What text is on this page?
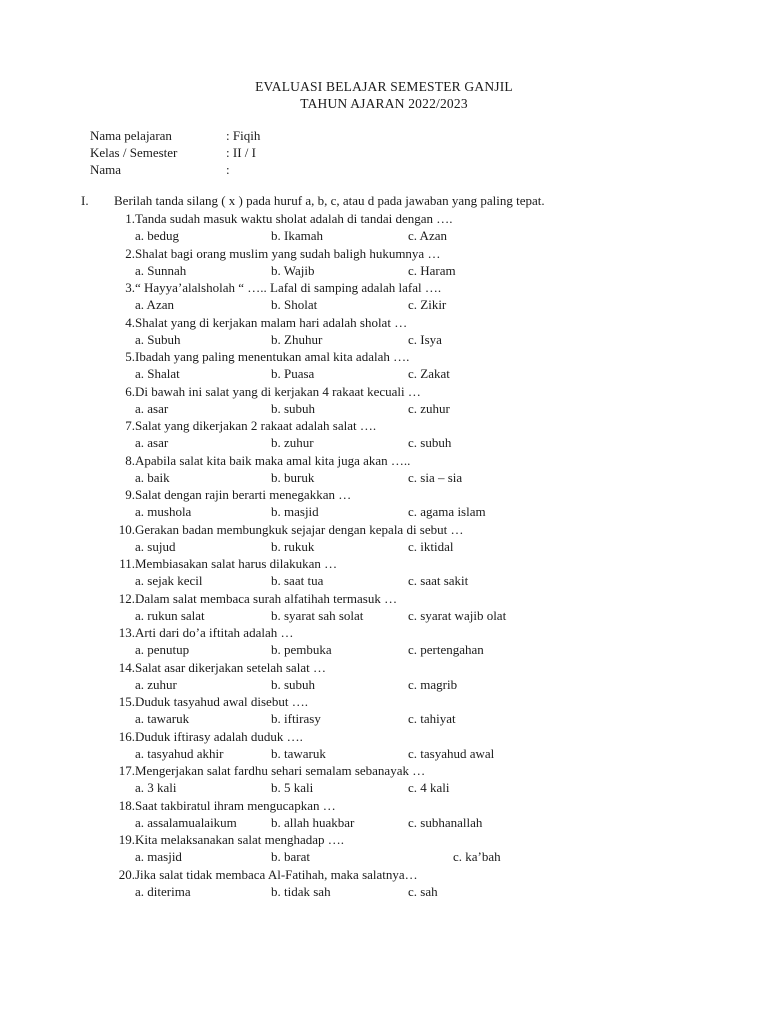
EVALUASI BELAJAR SEMESTER GANJIL
TAHUN AJARAN 2022/2023
Nama pelajaran	: Fiqih
Kelas / Semester	: II / I
Nama	:
I. Berilah tanda silang ( x ) pada huruf a, b, c, atau d pada jawaban yang paling tepat.
1. Tanda sudah masuk waktu sholat adalah di tandai dengan ….
a. bedug	b. Ikamah	c. Azan
2. Shalat bagi orang muslim yang sudah baligh hukumnya …
a. Sunnah	b. Wajib	c. Haram
3. “ Hayya’alalsholah “ ….. Lafal di samping adalah lafal ….
a. Azan	b. Sholat	c. Zikir
4. Shalat yang di kerjakan malam hari adalah sholat …
a. Subuh	b. Zhuhur	c. Isya
5. Ibadah yang paling menentukan amal kita adalah ….
a. Shalat	b. Puasa	c. Zakat
6. Di bawah ini salat yang di kerjakan 4 rakaat kecuali …
a. asar	b. subuh	c. zuhur
7. Salat yang dikerjakan 2 rakaat adalah salat ….
a. asar	b. zuhur	c. subuh
8. Apabila salat kita baik maka amal kita juga akan …..
a. baik	b. buruk	c. sia – sia
9. Salat dengan rajin berarti menegakkan …
a. mushola	b. masjid	c. agama islam
10. Gerakan badan membungkuk sejajar dengan kepala di sebut …
a. sujud	b. rukuk	c. iktidal
11. Membiasakan salat harus dilakukan …
a. sejak kecil	b. saat tua	c. saat sakit
12. Dalam salat membaca surah alfatihah termasuk …
a. rukun salat	b. syarat sah solat	c. syarat wajib olat
13. Arti dari do’a iftitah adalah …
a. penutup	b. pembuka	c. pertengahan
14. Salat asar dikerjakan setelah salat …
a. zuhur	b. subuh	c. magrib
15. Duduk tasyahud awal disebut ….
a. tawaruk	b. iftirasy	c. tahiyat
16. Duduk iftirasy adalah duduk ….
a. tasyahud akhir	b. tawaruk	c. tasyahud awal
17. Mengerjakan salat fardhu sehari semalam sebanayak …
a. 3 kali	b. 5 kali	c. 4 kali
18. Saat takbiratul ihram mengucapkan …
a. assalamualaikum	b. allah huakbar	c. subhanallah
19. Kita melaksanakan salat menghadap ….
a. masjid	b. barat	c. ka’bah
20. Jika salat tidak membaca Al-Fatihah, maka salatnya…
a. diterima	b. tidak sah	c. sah
